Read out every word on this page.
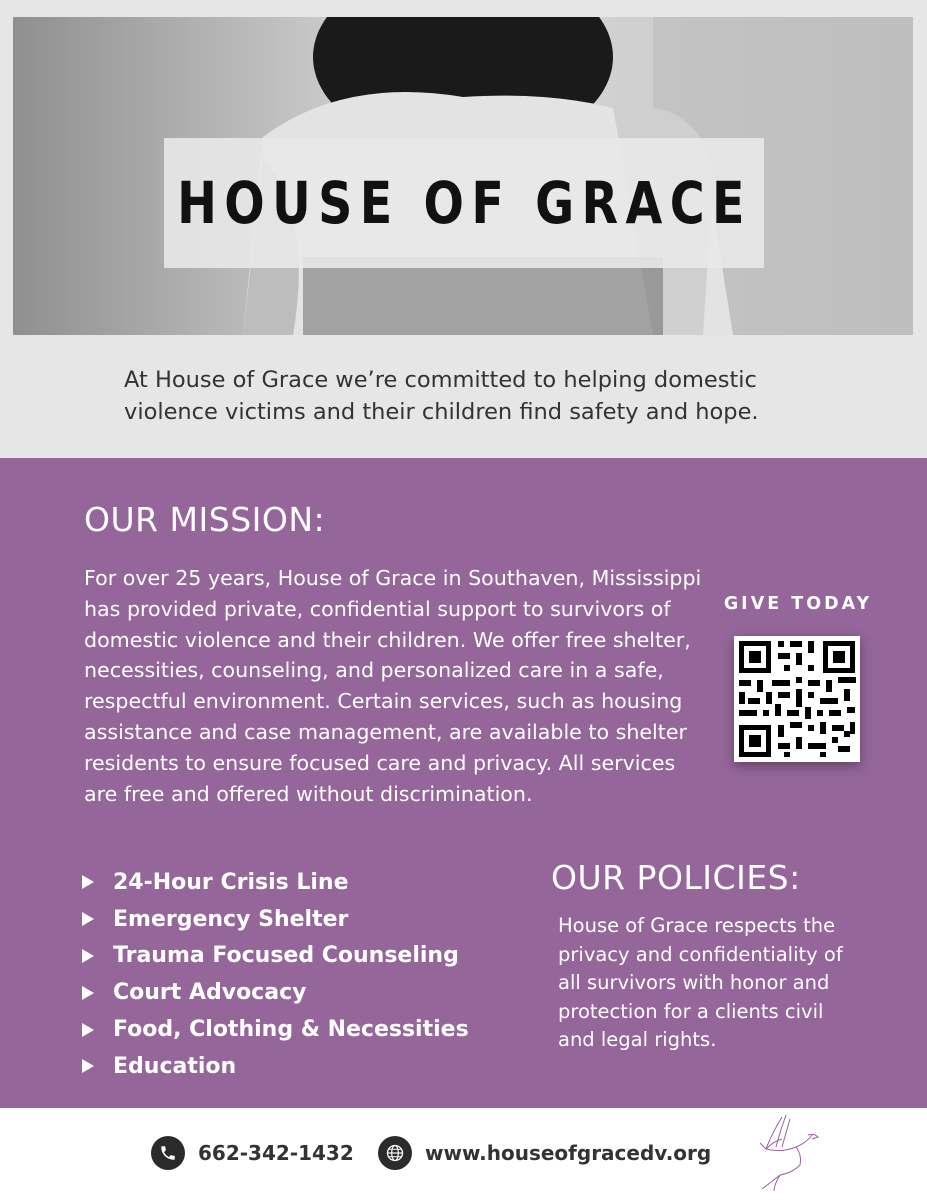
HOUSE OF GRACE
At House of Grace we’re committed to helping domestic violence victims and their children find safety and hope.
OUR MISSION:
For over 25 years, House of Grace in Southaven, Mississippi has provided private, confidential support to survivors of domestic violence and their children. We offer free shelter, necessities, counseling, and personalized care in a safe, respectful environment. Certain services, such as housing assistance and case management, are available to shelter residents to ensure focused care and privacy. All services are free and offered without discrimination.
GIVE TODAY
24-Hour Crisis Line
Emergency Shelter
Trauma Focused Counseling
Court Advocacy
Food, Clothing & Necessities
Education
OUR POLICIES:
House of Grace respects the privacy and confidentiality of all survivors with honor and protection for a clients civil and legal rights.
662-342-1432	www.houseofgracedv.org
